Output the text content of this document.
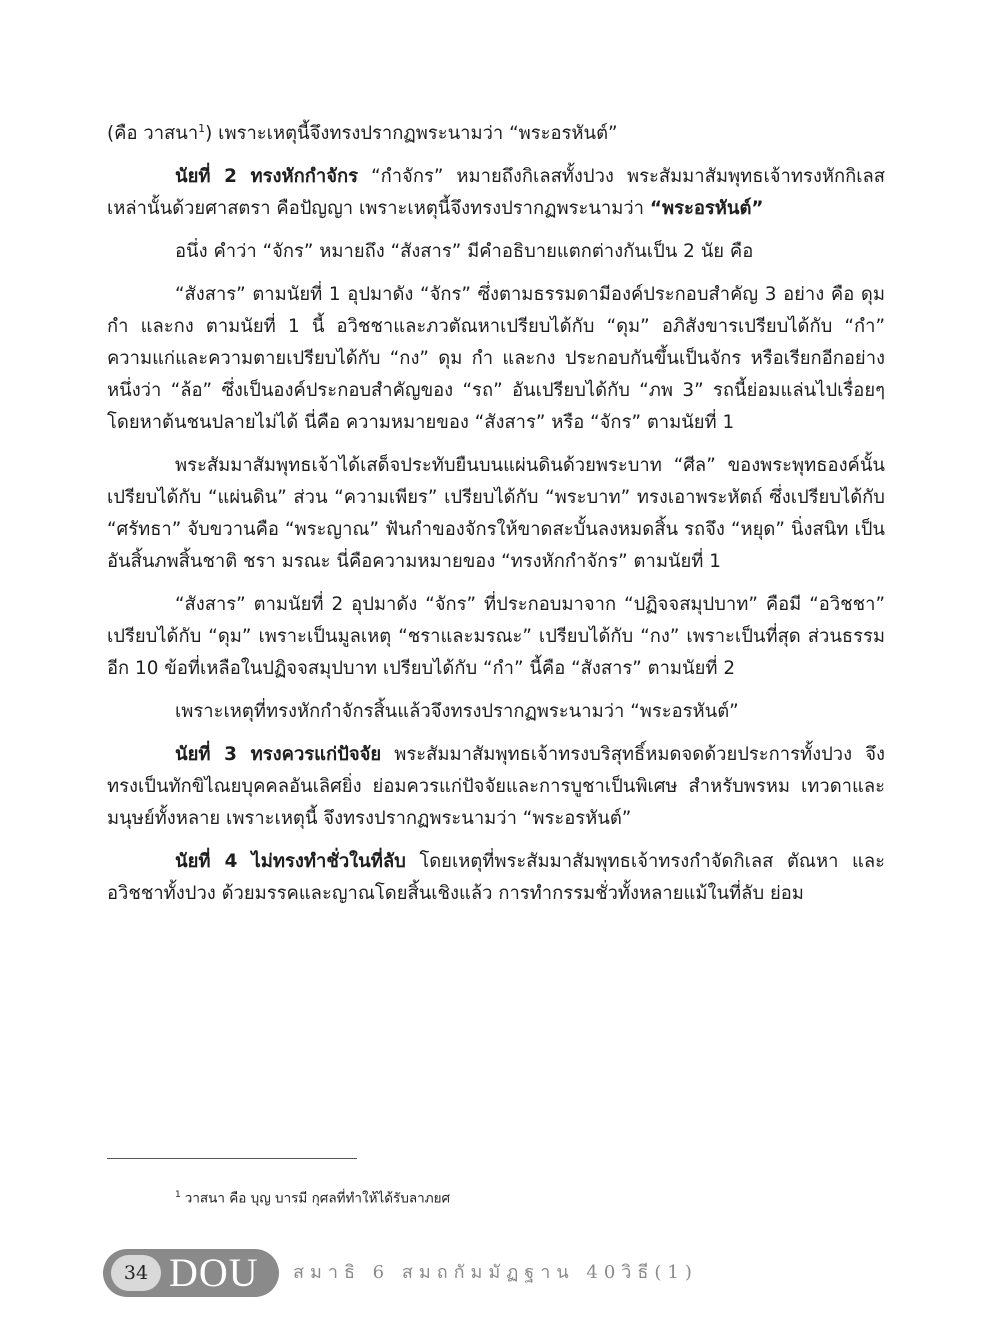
(คือ วาสนา$^1$) เพราะเหตุนี้จึงทรงปรากฏพระนามว่า “พระอรหันต์”

นัยที่ 2 ทรงหักกำจักร “กำจักร” หมายถึงกิเลสทั้งปวง พระสัมมาสัมพุทธเจ้าทรงหักกิเลสเหล่านั้นด้วยศาสตรา คือปัญญา เพราะเหตุนี้จึงทรงปรากฏพระนามว่า “พระอรหันต์”

อนึ่ง คำว่า “จักร” หมายถึง “สังสาร” มีคำอธิบายแตกต่างกันเป็น 2 นัย คือ

“สังสาร” ตามนัยที่ 1 อุปมาดัง “จักร” ซึ่งตามธรรมดามีองค์ประกอบสำคัญ 3 อย่าง คือ ดุม กำ และกง ตามนัยที่ 1 นี้ อวิชชาและภวตัณหาเปรียบได้กับ “ดุม” อภิสังขารเปรียบได้กับ “กำ” ความแก่และความตายเปรียบได้กับ “กง” ดุม กำ และกง ประกอบกันขึ้นเป็นจักร หรือเรียกอีกอย่างหนึ่งว่า “ล้อ” ซึ่งเป็นองค์ประกอบสำคัญของ “รถ” อันเปรียบได้กับ “ภพ 3” รถนี้ย่อมแล่นไปเรื่อยๆ โดยหาต้นชนปลายไม่ได้ นี่คือ ความหมายของ “สังสาร” หรือ “จักร” ตามนัยที่ 1

พระสัมมาสัมพุทธเจ้าได้เสด็จประทับยืนบนแผ่นดินด้วยพระบาท “ศีล” ของพระพุทธองค์นั้นเปรียบได้กับ “แผ่นดิน” ส่วน “ความเพียร” เปรียบได้กับ “พระบาท” ทรงเอาพระหัตถ์ ซึ่งเปรียบได้กับ “ศรัทธา” จับขวานคือ “พระญาณ” ฟันกำของจักรให้ขาดสะบั้นลงหมดสิ้น รถจึง “หยุด” นิ่งสนิท เป็นอันสิ้นภพสิ้นชาติ ชรา มรณะ นี่คือความหมายของ “ทรงหักกำจักร” ตามนัยที่ 1

“สังสาร” ตามนัยที่ 2 อุปมาดัง “จักร” ที่ประกอบมาจาก “ปฏิจจสมุปบาท” คือมี “อวิชชา” เปรียบได้กับ “ดุม” เพราะเป็นมูลเหตุ “ชราและมรณะ” เปรียบได้กับ “กง” เพราะเป็นที่สุด ส่วนธรรมอีก 10 ข้อที่เหลือในปฏิจจสมุปบาท เปรียบได้กับ “กำ” นี้คือ “สังสาร” ตามนัยที่ 2

เพราะเหตุที่ทรงหักกำจักรสิ้นแล้วจึงทรงปรากฏพระนามว่า “พระอรหันต์”

นัยที่ 3 ทรงควรแก่ปัจจัย พระสัมมาสัมพุทธเจ้าทรงบริสุทธิ์หมดจดด้วยประการทั้งปวง จึงทรงเป็นทักขิไณยบุคคลอันเลิศยิ่ง ย่อมควรแก่ปัจจัยและการบูชาเป็นพิเศษ สำหรับพรหม เทวดาและมนุษย์ทั้งหลาย เพราะเหตุนี้ จึงทรงปรากฏพระนามว่า “พระอรหันต์”

นัยที่ 4 ไม่ทรงทำชั่วในที่ลับ โดยเหตุที่พระสัมมาสัมพุทธเจ้าทรงกำจัดกิเลส ตัณหา และอวิชชาทั้งปวง ด้วยมรรคและญาณโดยสิ้นเชิงแล้ว การทำกรรมชั่วทั้งหลายแม้ในที่ลับ ย่อม

$^1$ วาสนา คือ บุญ บารมี กุศลที่ทำให้ได้รับลาภยศ
34 DOU สมาธิ 6 สมถกัมมัฏฐาน 40วิธี(1)
